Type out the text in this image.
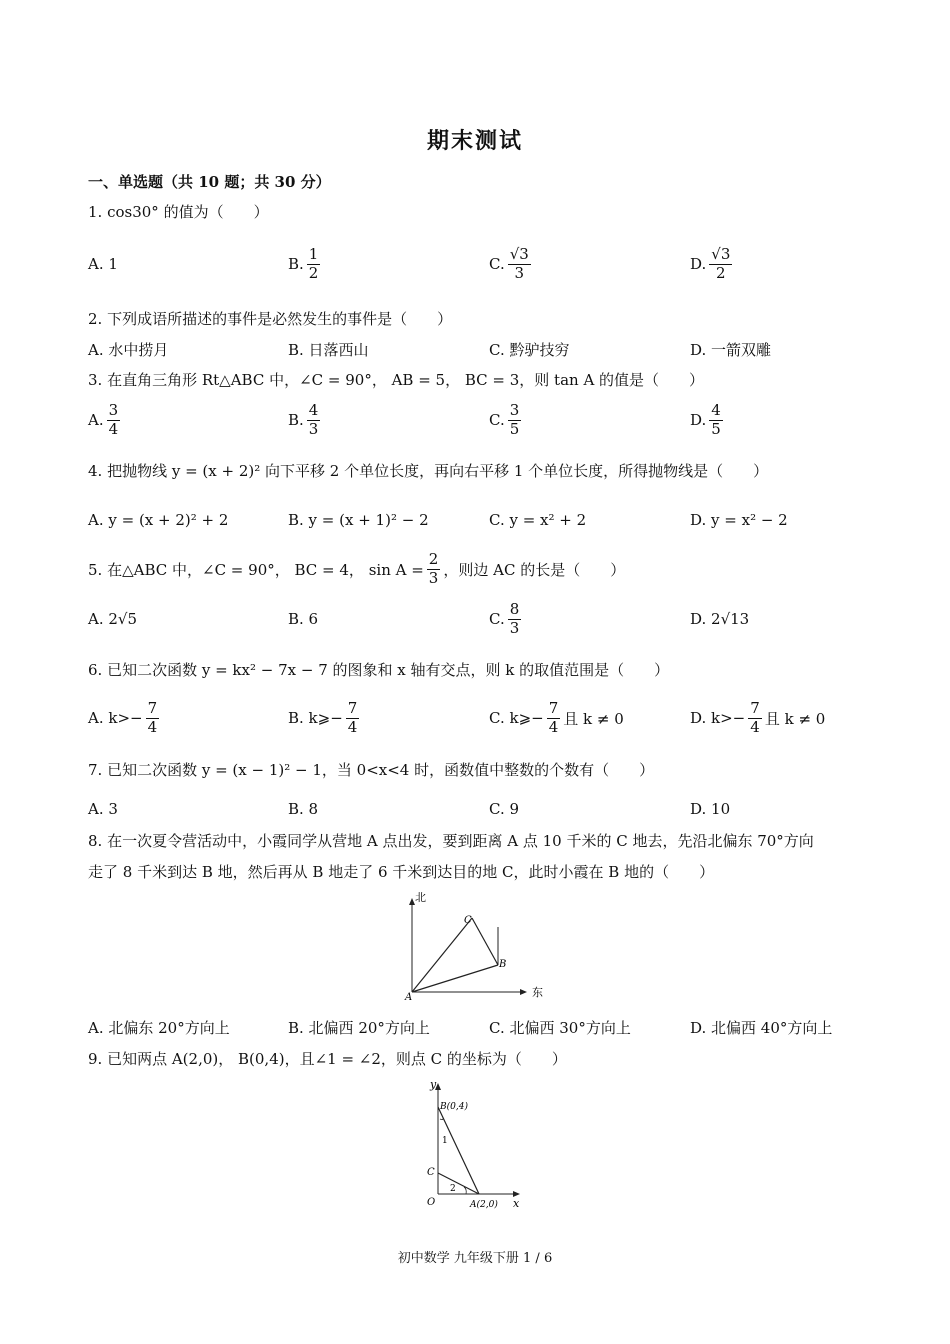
期末测试
一、单选题（共 10 题；共 30 分）
1. cos30° 的值为（　　）
A. 1	B. $\frac{1}{2}$	C. $\frac{√3}{3}$	D. $\frac{√3}{2}$
2. 下列成语所描述的事件是必然发生的事件是（　　）
A. 水中捞月	B. 日落西山	C. 黔驴技穷	D. 一箭双雕
3. 在直角三角形 Rt△ABC 中，∠C = 90°， AB = 5， BC = 3，则 tan A 的值是（　　）
A. $\frac{3}{4}$	B. $\frac{4}{3}$	C. $\frac{3}{5}$	D. $\frac{4}{5}$
4. 把抛物线 y = (x + 2)² 向下平移 2 个单位长度，再向右平移 1 个单位长度，所得抛物线是（　　）
A. y = (x + 2)² + 2	B. y = (x + 1)² − 2	C. y = x² + 2	D. y = x² − 2
5. 在△ABC 中，∠C = 90°， BC = 4， $\sin A = \frac{2}{3}$ ，则边 AC 的长是（　　）
A. 2√5	B. 6	C. $\frac{8}{3}$	D. 2√13
6. 已知二次函数 y = kx² − 7x − 7 的图象和 x 轴有交点，则 k 的取值范围是（　　）
A. $k>- \frac{7}{4}$	B. k⩾− $\frac{7}{4}$	C. k⩾− $\frac{7}{4}$ 且 k ≠ 0	D. $k>- \frac{7}{4}$ 且 k ≠ 0
7. 已知二次函数 y = (x − 1)² − 1，当 0<x<4 时，函数值中整数的个数有（　　）
A. 3	B. 8	C. 9	D. 10
8. 在一次夏令营活动中，小霞同学从营地 A 点出发，要到距离 A 点 10 千米的 C 地去，先沿北偏东 70°方向
走了 8 千米到达 B 地，然后再从 B 地走了 6 千米到达目的地 C，此时小霞在 B 地的（　　）
北
东
A
B
C
A. 北偏东 20°方向上	B. 北偏西 20°方向上	C. 北偏西 30°方向上	D. 北偏西 40°方向上
9. 已知两点 A(2,0)， B(0,4)，且∠1 = ∠2，则点 C 的坐标为（　　）
y
x
O
B(0,4)
A(2,0)
C
1
2
初中数学 九年级下册 1 / 6
